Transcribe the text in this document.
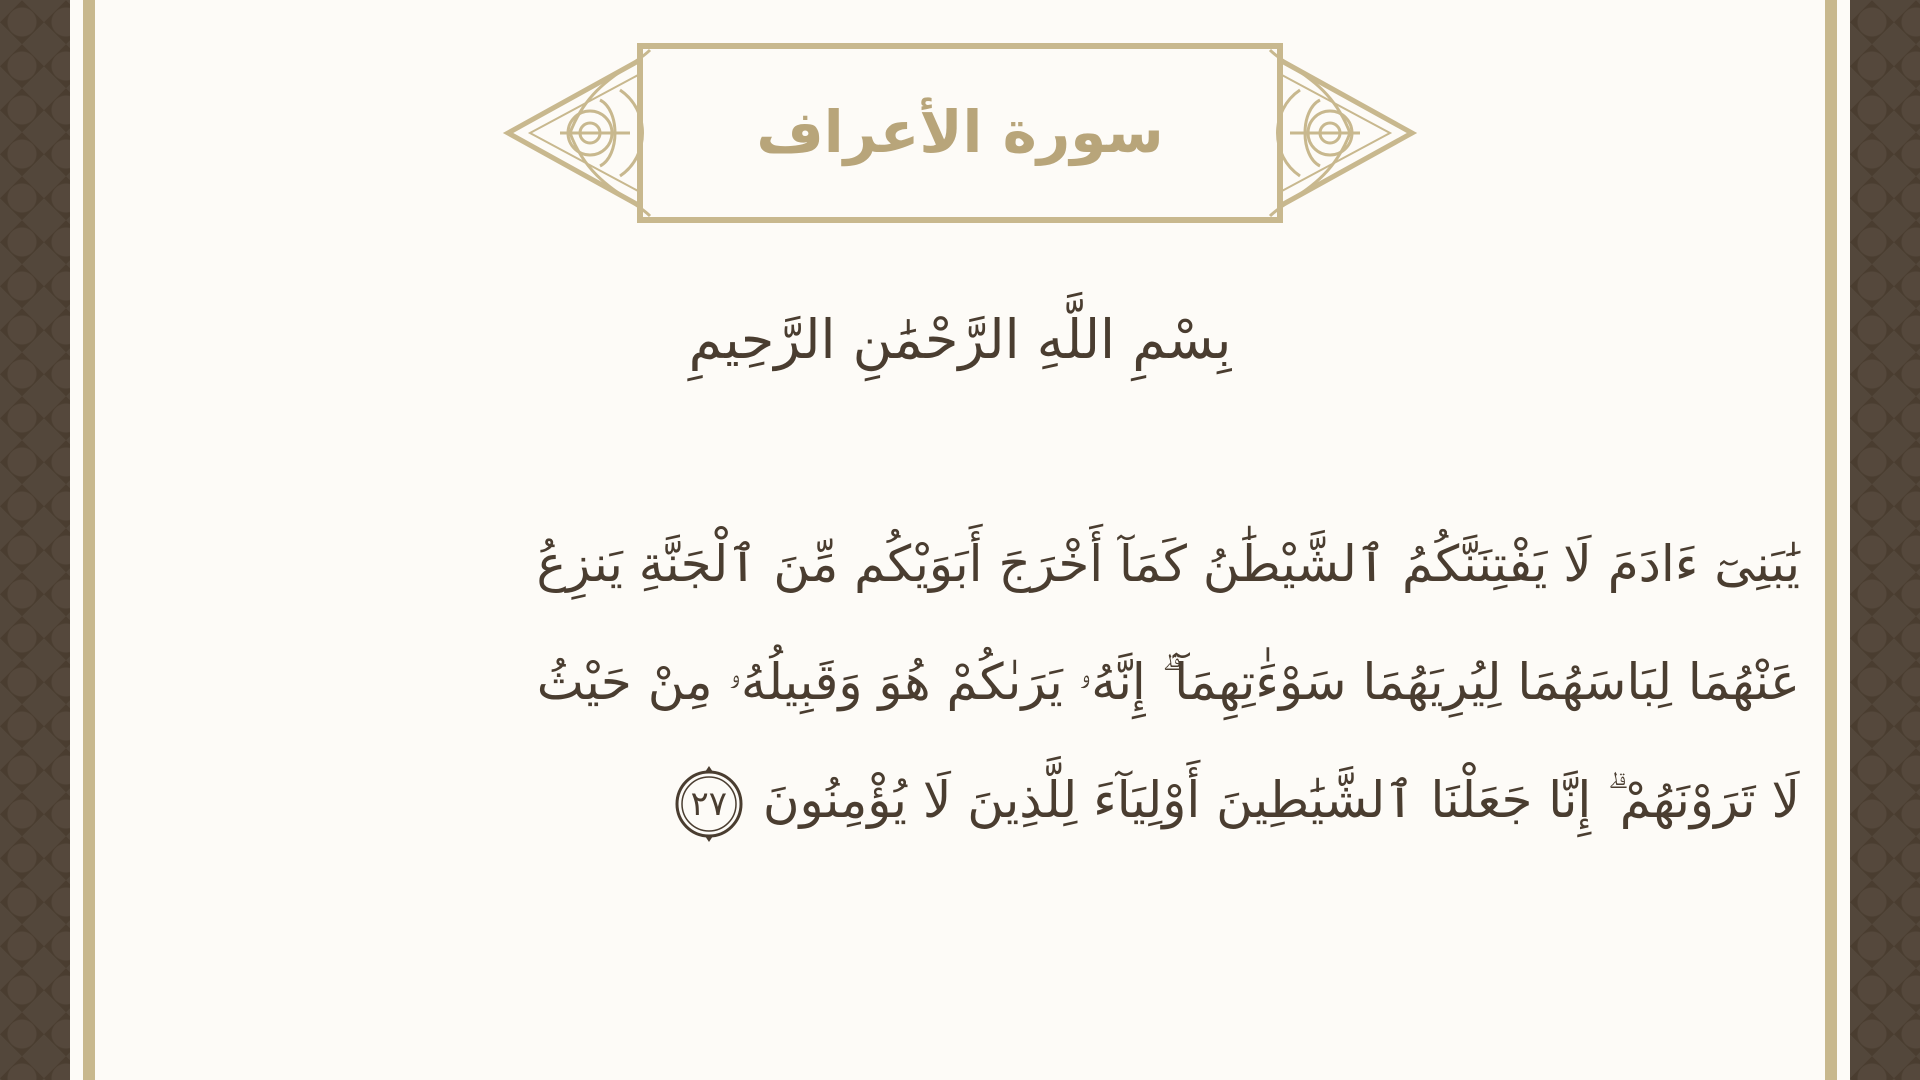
سورة الأعراف
بِسْمِ اللَّهِ الرَّحْمَٰنِ الرَّحِيمِ
يَٰبَنِىٓ ءَادَمَ لَا يَفْتِنَنَّكُمُ ٱلشَّيْطَٰنُ كَمَآ أَخْرَجَ أَبَوَيْكُم مِّنَ ٱلْجَنَّةِ يَنزِعُ
عَنْهُمَا لِبَاسَهُمَا لِيُرِيَهُمَا سَوْءَٰتِهِمَآ ۗ إِنَّهُۥ يَرَىٰكُمْ هُوَ وَقَبِيلُهُۥ مِنْ حَيْثُ
لَا تَرَوْنَهُمْ ۗ إِنَّا جَعَلْنَا ٱلشَّيَٰطِينَ أَوْلِيَآءَ لِلَّذِينَ لَا يُؤْمِنُونَ
٢٧
